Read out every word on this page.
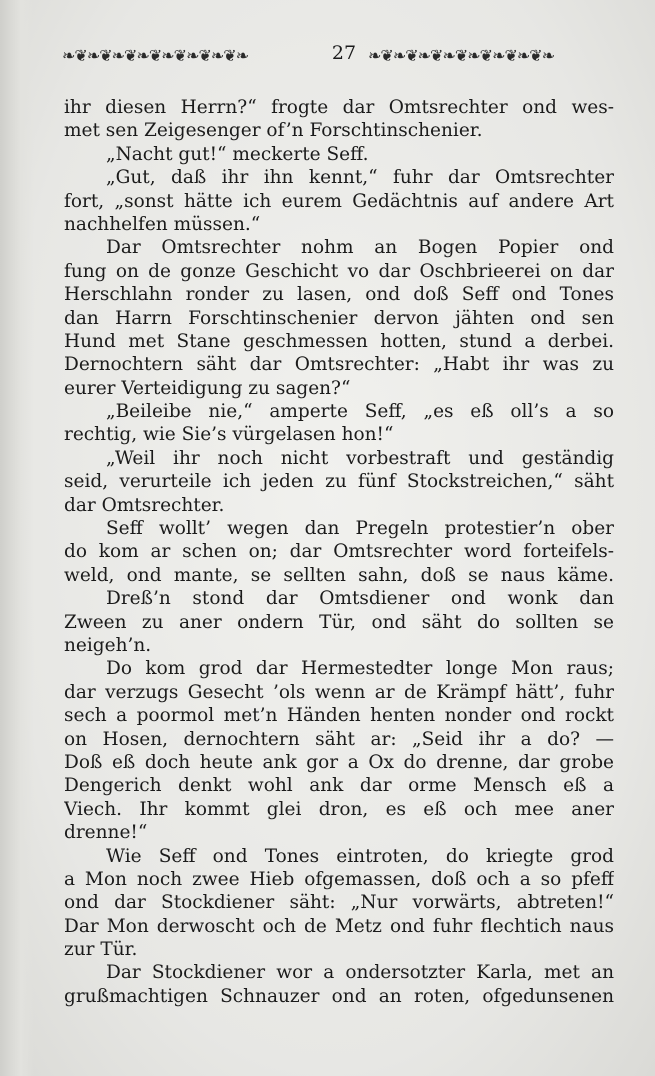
❧❦❧❦❧❦❧❦❧❦❧❦❧❦❧	27 ❧❦❧❦❧❦❧❦❧❦❧❦❧❦❧
ihr diesen Herrn?“ frogte dar Omtsrechter ond wes-
met sen Zeigesenger of’n Forschtinschenier.
„Nacht gut!“ meckerte Seff.
„Gut, daß ihr ihn kennt,“ fuhr dar Omtsrechter
fort, „sonst hätte ich eurem Gedächtnis auf andere Art
nachhelfen müssen.“
Dar Omtsrechter nohm an Bogen Popier ond
fung on de gonze Geschicht vo dar Oschbrieerei on dar
Herschlahn ronder zu lasen, ond doß Seff ond Tones
dan Harrn Forschtinschenier dervon jähten ond sen
Hund met Stane geschmessen hotten, stund a derbei.
Dernochtern säht dar Omtsrechter: „Habt ihr was zu
eurer Verteidigung zu sagen?“
„Beileibe nie,“ amperte Seff, „es eß oll’s a so
rechtig, wie Sie’s vürgelasen hon!“
„Weil ihr noch nicht vorbestraft und geständig
seid, verurteile ich jeden zu fünf Stockstreichen,“ säht
dar Omtsrechter.
Seff wollt’ wegen dan Pregeln protestier’n ober
do kom ar schen on; dar Omtsrechter word forteifels-
weld, ond mante, se sellten sahn, doß se naus käme.
Dreß’n stond dar Omtsdiener ond wonk dan
Zween zu aner ondern Tür, ond säht do sollten se
neigeh’n.
Do kom grod dar Hermestedter longe Mon raus;
dar verzugs Gesecht ’ols wenn ar de Krämpf hätt’, fuhr
sech a poormol met’n Händen henten nonder ond rockt
on Hosen, dernochtern säht ar: „Seid ihr a do? —
Doß eß doch heute ank gor a Ox do drenne, dar grobe
Dengerich denkt wohl ank dar orme Mensch eß a
Viech. Ihr kommt glei dron, es eß och mee aner
drenne!“
Wie Seff ond Tones eintroten, do kriegte grod
a Mon noch zwee Hieb ofgemassen, doß och a so pfeff
ond dar Stockdiener säht: „Nur vorwärts, abtreten!“
Dar Mon derwoscht och de Metz ond fuhr flechtich naus
zur Tür.
Dar Stockdiener wor a ondersotzter Karla, met an
grußmachtigen Schnauzer ond an roten, ofgedunsenen
